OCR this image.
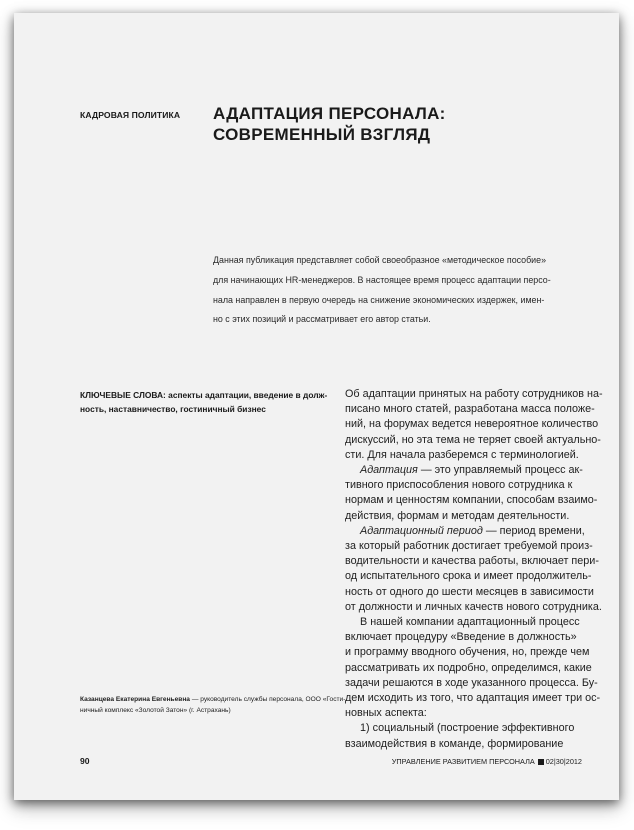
КАДРОВАЯ ПОЛИТИКА АДАПТАЦИЯ ПЕРСОНАЛА:
СОВРЕМЕННЫЙ ВЗГЛЯД
Данная публикация представляет собой своеобразное «методическое пособие»
для начинающих HR-менеджеров. В настоящее время процесс адаптации персо-
нала направлен в первую очередь на снижение экономических издержек, имен-
но с этих позиций и рассматривает его автор статьи.
КЛЮЧЕВЫЕ СЛОВА: аспекты адаптации, введение в долж-
ность, наставничество, гостиничный бизнес
Об адаптации принятых на работу сотрудников на-
писано много статей, разработана масса положе-
ний, на форумах ведется невероятное количество
дискуссий, но эта тема не теряет своей актуально-
сти. Для начала разберемся с терминологией.
Адаптация — это управляемый процесс ак-
тивного приспособления нового сотрудника к
нормам и ценностям компании, способам взаимо-
действия, формам и методам деятельности.
Адаптационный период — период времени,
за который работник достигает требуемой произ-
водительности и качества работы, включает пери-
од испытательного срока и имеет продолжитель-
ность от одного до шести месяцев в зависимости
от должности и личных качеств нового сотрудника.
В нашей компании адаптационный процесс
включает процедуру «Введение в должность»
и программу вводного обучения, но, прежде чем
рассматривать их подробно, определимся, какие
задачи решаются в ходе указанного процесса. Бу-
дем исходить из того, что адаптация имеет три ос-
новных аспекта:
1) социальный (построение эффективного
взаимодействия в команде, формирование
Казанцева Екатерина Евгеньевна — руководитель службы персонала, ООО «Гости-
ничный комплекс «Золотой Затон» (г. Астрахань)
90	УПРАВЛЕНИЕ РАЗВИТИЕМ ПЕРСОНАЛА 02|30|2012
